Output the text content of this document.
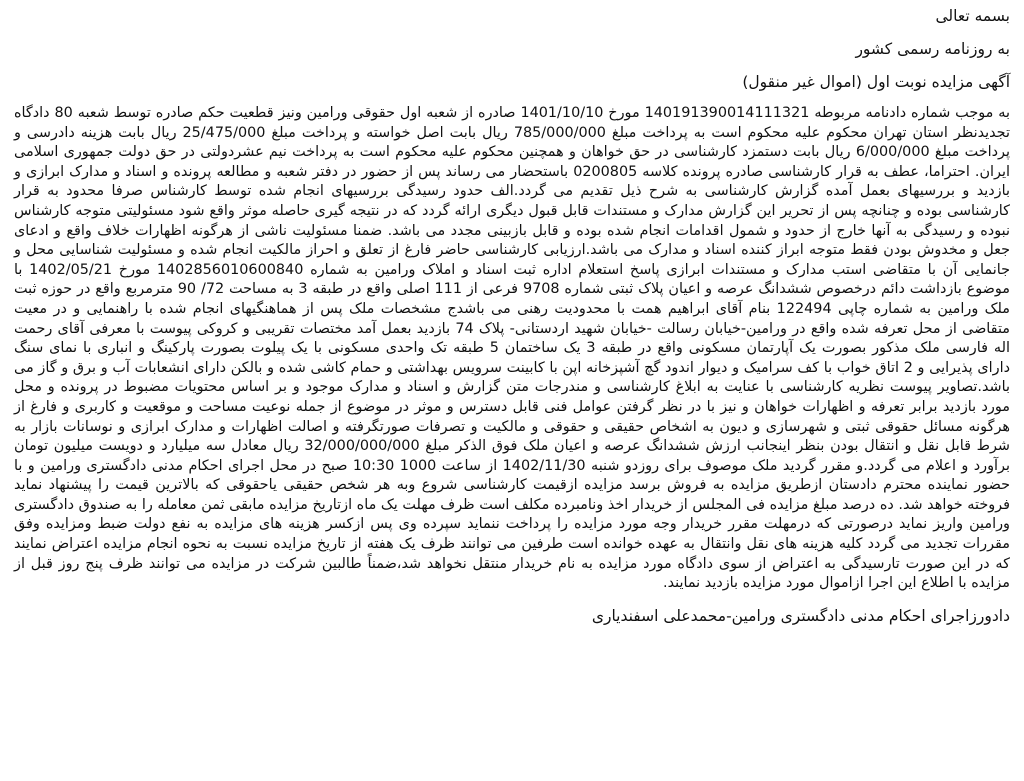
بسمه تعالی
به روزنامه رسمی کشور
آگهی مزایده نوبت اول (اموال غیر منقول)
به موجب شماره دادنامه مربوطه 140191390014111321 مورخ 1401/10/10 صادره از شعبه اول حقوقی ورامین ونیز قطعیت حکم صادره توسط شعبه 80 دادگاه تجدیدنظر استان تهران محکوم علیه محکوم است به پرداخت مبلغ 785/000/000 ریال بابت اصل خواسته و پرداخت مبلغ 25/475/000 ریال بابت هزینه دادرسی و پرداخت مبلغ 6/000/000 ریال بابت دستمزد کارشناسی در حق خواهان و همچنین محکوم علیه محکوم است به پرداخت نیم عشردولتی در حق دولت جمهوری اسلامی ایران. احتراما، عطف به قرار کارشناسی صادره پرونده کلاسه 0200805 باستحضار می رساند پس از حضور در دفتر شعبه و مطالعه پرونده و اسناد و مدارک ابرازی و بازدید و بررسیهای بعمل آمده گزارش کارشناسی به شرح ذیل تقدیم می گردد.الف حدود رسیدگی بررسیهای انجام شده توسط کارشناس صرفا محدود به قرار کارشناسی بوده و چنانچه پس از تحریر این گزارش مدارک و مستندات قابل قبول دیگری ارائه گردد که در نتیجه گیری حاصله موثر واقع شود مسئولیتی متوجه کارشناس نبوده و رسیدگی به آنها خارج از حدود و شمول اقدامات انجام شده بوده و قابل بازبینی مجدد می باشد. ضمنا مسئولیت ناشی از هرگونه اظهارات خلاف واقع و ادعای جعل و مخدوش بودن فقط متوجه ابراز کننده اسناد و مدارک می باشد.ارزیابی کارشناسی حاضر فارغ از تعلق و احراز مالکیت انجام شده و مسئولیت شناسایی محل و جانمایی آن با متقاضی استب مدارک و مستندات ابرازی پاسخ استعلام اداره ثبت اسناد و املاک ورامین به شماره 1402856010600840 مورخ 1402/05/21 با موضوع بازداشت دائم درخصوص ششدانگ عرصه و اعیان پلاک ثبتی شماره 9708 فرعی از 111 اصلی واقع در طبقه 3 به مساحت 72/ 90 مترمربع واقع در حوزه ثبت ملک ورامین به شماره چاپی 122494 بنام آقای ابراهیم همت با محدودیت رهنی می باشدج مشخصات ملک پس از هماهنگیهای انجام شده با راهنمایی و در معیت متقاضی از محل تعرفه شده واقع در ورامین-خیابان رسالت -خیابان شهید اردستانی- پلاک 74 بازدید بعمل آمد مختصات تقریبی و کروکی پیوست با معرفی آقای رحمت اله فارسی ملک مذکور بصورت یک آپارتمان مسکونی واقع در طبقه 3 یک ساختمان 5 طبقه تک واحدی مسکونی با یک پیلوت بصورت پارکینگ و انباری با نمای سنگ دارای پذیرایی و 2 اتاق خواب با کف سرامیک و دیوار اندود گچ آشپزخانه اپن با کابینت سرویس بهداشتی و حمام کاشی شده و بالکن دارای انشعابات آب و برق و گاز می باشد.تصاویر پیوست نظریه کارشناسی با عنایت به ابلاغ کارشناسی و مندرجات متن گزارش و اسناد و مدارک موجود و بر اساس محتویات مضبوط در پرونده و محل مورد بازدید برابر تعرفه و اظهارات خواهان و نیز با در نظر گرفتن عوامل فنی قابل دسترس و موثر در موضوع از جمله نوعیت مساحت و موقعیت و کاربری و فارغ از هرگونه مسائل حقوقی ثبتی و شهرسازی و دیون به اشخاص حقیقی و حقوقی و مالکیت و تصرفات صورتگرفته و اصالت اظهارات و مدارک ابرازی و نوسانات بازار به شرط قابل نقل و انتقال بودن بنظر اینجانب ارزش ششدانگ عرصه و اعیان ملک فوق الذکر مبلغ 32/000/000/000 ریال معادل سه میلیارد و دویست میلیون تومان برآورد و اعلام می گردد.و مقرر گردید ملک موصوف برای روزدو شنبه 1402/11/30 از ساعت 1000 10:30 صبح در محل اجرای احکام مدنی دادگستری ورامین و با حضور نماینده محترم دادستان ازطریق مزایده به فروش برسد مزایده ازقیمت کارشناسی شروع وبه هر شخص حقیقی یاحقوقی که بالاترین قیمت را پیشنهاد نماید فروخته خواهد شد. ده درصد مبلغ مزایده فی المجلس از خریدار اخذ ونامبرده مکلف است ظرف مهلت یک ماه ازتاریخ مزایده مابقی ثمن معامله را به صندوق دادگستری ورامین واریز نماید درصورتی که درمهلت مقرر خریدار وجه مورد مزایده را پرداخت ننماید سپرده وی پس ازکسر هزینه های مزایده به نفع دولت ضبط ومزایده وفق مقررات تجدید می گردد کلیه هزینه های نقل وانتقال به عهده خوانده است طرفین می توانند ظرف یک هفته از تاریخ مزایده نسبت به نحوه انجام مزایده اعتراض نمایند که در این صورت تارسیدگی به اعتراض از سوی دادگاه مورد مزایده به نام خریدار منتقل نخواهد شد،ضمناً طالبین شرکت در مزایده می توانند ظرف پنج روز قبل از مزایده با اطلاع این اجرا ازاموال مورد مزایده بازدید نمایند.
دادورزاجرای احکام مدنی دادگستری ورامین-محمدعلی اسفندیاری
